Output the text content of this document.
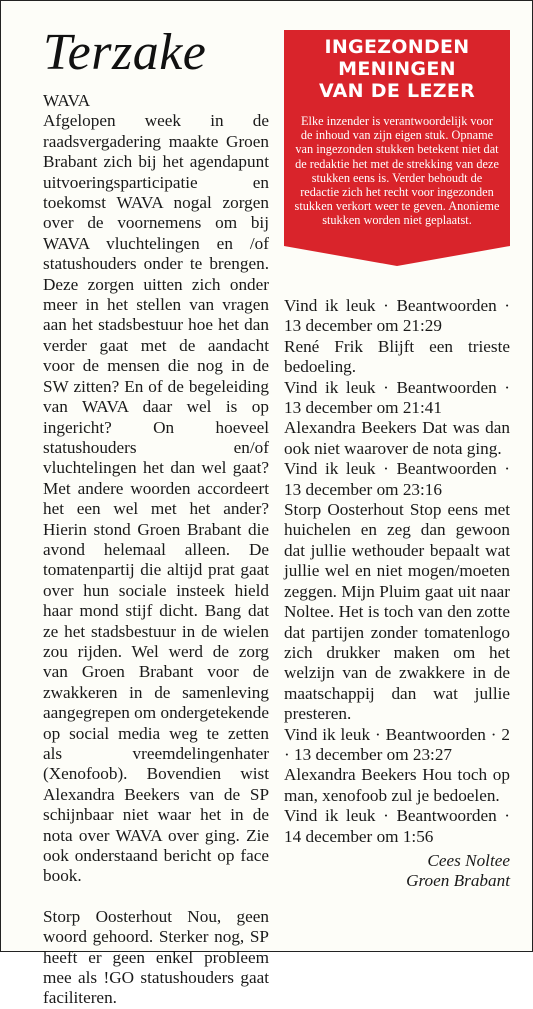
Terzake	INGEZONDEN
MENINGEN
VAN DE LEZER

Elke inzender is verantwoordelijk voor de inhoud van zijn eigen stuk. Opname van ingezonden stukken betekent niet dat de redaktie het met de strekking van deze stukken eens is. Verder behoudt de redactie zich het recht voor ingezonden stukken verkort weer te geven. Anonieme stukken worden niet geplaatst.

WAVA

Afgelopen week in de raadsvergadering maakte Groen Brabant zich bij het agendapunt uitvoeringsparticipatie en toekomst WAVA nogal zorgen over de voornemens om bij WAVA vluchtelingen en /of statushouders onder te brengen. Deze zorgen uitten zich onder meer in het stellen van vragen aan het stadsbestuur hoe het dan verder gaat met de aandacht voor de mensen die nog in de SW zitten? En of de begeleiding van WAVA daar wel is op ingericht? On hoeveel statushouders en/of vluchtelingen het dan wel gaat? Met andere woorden accordeert het een wel met het ander? Hierin stond Groen Brabant die avond helemaal alleen. De tomatenpartij die altijd prat gaat over hun sociale insteek hield haar mond stijf dicht. Bang dat ze het stadsbestuur in de wielen zou rijden. Wel werd de zorg van Groen Brabant voor de zwakkeren in de samenleving aangegrepen om ondergetekende op social media weg te zetten als vreemdelingenhater (Xenofoob). Bovendien wist Alexandra Beekers van de SP schijnbaar niet waar het in de nota over WAVA over ging. Zie ook onderstaand bericht op face book.

Storp Oosterhout Nou, geen woord gehoord. Sterker nog, SP heeft er geen enkel probleem mee als !GO statushouders gaat faciliteren.

Vind ik leuk · Beantwoorden · 13 december om 21:29

René Frik Blijft een trieste bedoeling.

Vind ik leuk · Beantwoorden · 13 december om 21:41

Alexandra Beekers Dat was dan ook niet waarover de nota ging.

Vind ik leuk · Beantwoorden · 13 december om 23:16

Storp Oosterhout Stop eens met huichelen en zeg dan gewoon dat jullie wethouder bepaalt wat jullie wel en niet mogen/moeten zeggen. Mijn Pluim gaat uit naar Noltee. Het is toch van den zotte dat partijen zonder tomatenlogo zich drukker maken om het welzijn van de zwakkere in de maatschappij dan wat jullie presteren.

Vind ik leuk · Beantwoorden · 2 · 13 december om 23:27

Alexandra Beekers Hou toch op man, xenofoob zul je bedoelen.

Vind ik leuk · Beantwoorden · 14 december om 1:56

Cees Noltee

Groen Brabant
